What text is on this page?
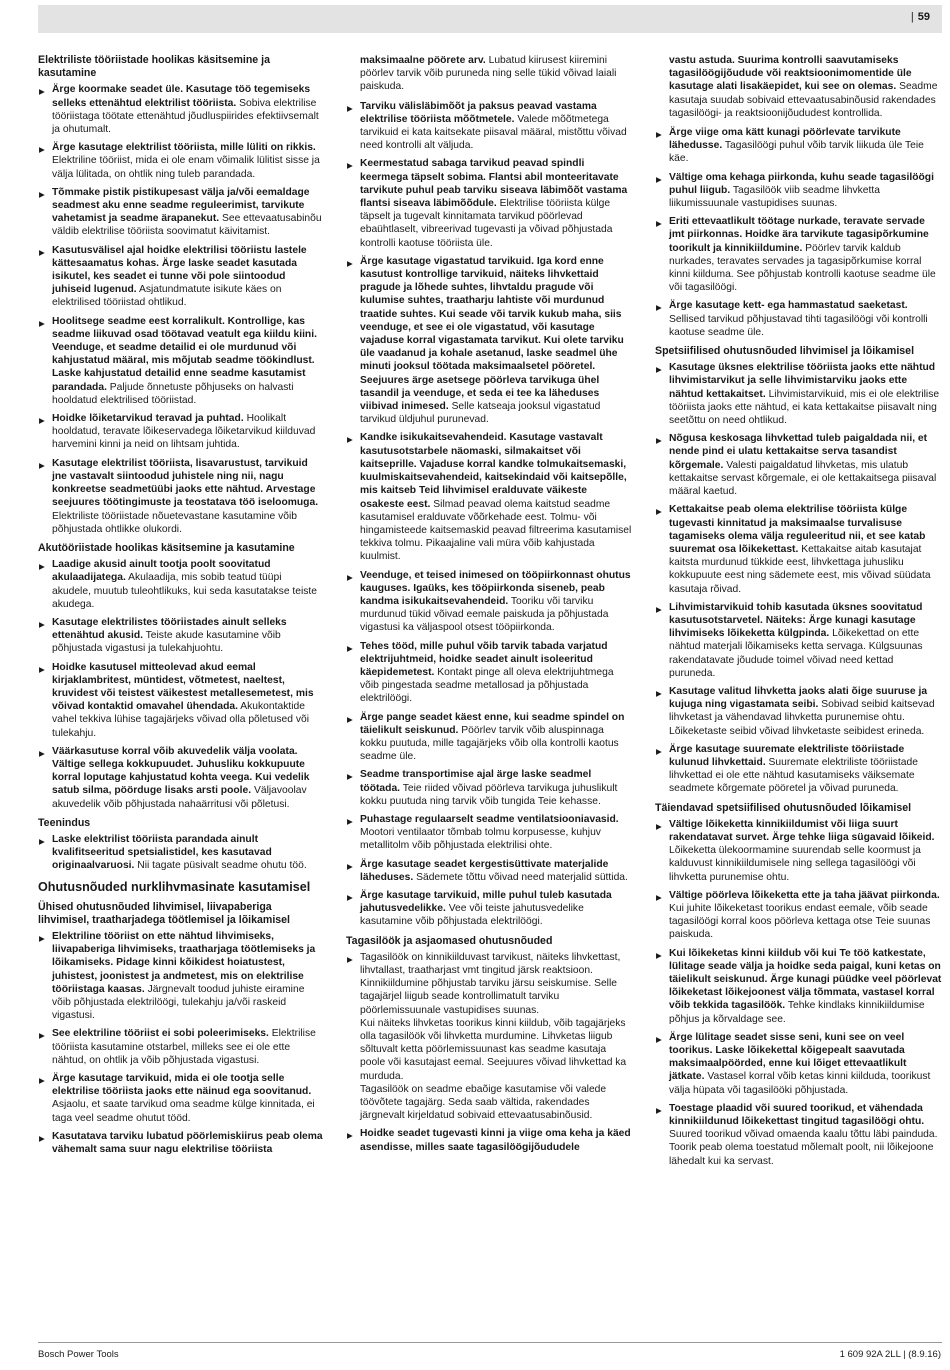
| 59
Elektriliste tööriistade hoolikas käsitsemine ja kasutamine
▶ Ärge koormake seadet üle. Kasutage töö tegemiseks selleks ettenähtud elektrilist tööriista. Sobiva elektrilise tööriistaga töötate ettenähtud jõudluspiirides efektiivsemalt ja ohutumalt.
▶ Ärge kasutage elektrilist tööriista, mille lüliti on rikkis. Elektriline tööriist, mida ei ole enam võimalik lülitist sisse ja välja lülitada, on ohtlik ning tuleb parandada.
▶ Tõmmake pistik pistikupesast välja ja/või eemaldage seadmest aku enne seadme reguleerimist, tarvikute vahetamist ja seadme ärapanekut. See ettevaatusabinõu väldib elektrilise tööriista soovimatut käivitamist.
▶ Kasutusvälisel ajal hoidke elektrilisi tööriistu lastele kättesaamatus kohas. Ärge laske seadet kasutada isikutel, kes seadet ei tunne või pole siintoodud juhiseid lugenud. Asjatundmatute isikute käes on elektrilised tööriistad ohtlikud.
▶ Hoolitsege seadme eest korralikult. Kontrollige, kas seadme liikuvad osad töötavad veatult ega kiildu kiini. Veenduge, et seadme detailid ei ole murdunud või kahjustatud määral, mis mõjutab seadme töökindlust. Laske kahjustatud detailid enne seadme kasutamist parandada. Paljude õnnetuste põhjuseks on halvasti hooldatud elektrilised tööriistad.
▶ Hoidke lõiketarvikud teravad ja puhtad. Hoolikalt hooldatud, teravate lõikeservadega lõiketarvikud kiilduvad harvemini kinni ja neid on lihtsam juhtida.
▶ Kasutage elektrilist tööriista, lisavarustust, tarvikuid jne vastavalt siintoodud juhistele ning nii, nagu konkreetse seadmetüübi jaoks ette nähtud. Arvestage seejuures töötingimuste ja teostatava töö iseloomuga. Elektriliste tööriistade nõuetevastane kasutamine võib põhjustada ohtlikke olukordi.
Akutööriistade hoolikas käsitsemine ja kasutamine
▶ Laadige akusid ainult tootja poolt soovitatud akulaadijatega. Akulaadija, mis sobib teatud tüüpi akudele, muutub tuleohtlikuks, kui seda kasutatakse teiste akudega.
▶ Kasutage elektrilistes tööriistades ainult selleks ettenähtud akusid. Teiste akude kasutamine võib põhjustada vigastusi ja tulekahjuohtu.
▶ Hoidke kasutusel mitteolevad akud eemal kirjaklambritest, müntidest, võtmetest, naeltest, kruvidest või teistest väikestest metallesemetest, mis võivad kontaktid omavahel ühendada. Akukontaktide vahel tekkiva lühise tagajärjeks võivad olla põletused või tulekahju.
▶ Väärkasutuse korral võib akuvedelik välja voolata. Vältige sellega kokkupuudet. Juhusliku kokkupuute korral loputage kahjustatud kohta veega. Kui vedelik satub silma, pöörduge lisaks arsti poole. Väljavoolav akuvedelik võib põhjustada nahaärritusi või põletusi.
Teenindus
▶ Laske elektrilist tööriista parandada ainult kvalifitseeritud spetsialistidel, kes kasutavad originaalvaruosi. Nii tagate püsivalt seadme ohutu töö.
Ohutusnõuded nurklihvmasinate kasutamisel
Ühised ohutusnõuded lihvimisel, liivapaberiga lihvimisel, traatharjadega töötlemisel ja lõikamisel
▶ Elektriline tööriist on ette nähtud lihvimiseks, liivapaberiga lihvimiseks, traatharjaga töötlemiseks ja lõikamiseks. Pidage kinni kõikidest hoiatustest, juhistest, joonistest ja andmetest, mis on elektrilise tööriistaga kaasas. Järgnevalt toodud juhiste eiramine võib põhjustada elektrilöögi, tulekahju ja/või raskeid vigastusi.
▶ See elektriline tööriist ei sobi poleerimiseks. Elektrilise tööriista kasutamine otstarbel, milleks see ei ole ette nähtud, on ohtlik ja võib põhjustada vigastusi.
▶ Ärge kasutage tarvikuid, mida ei ole tootja selle elektrilise tööriista jaoks ette näinud ega soovitanud. Asjaolu, et saate tarvikud oma seadme külge kinnitada, ei taga veel seadme ohutut tööd.
▶ Kasutatava tarviku lubatud pöörlemiskiirus peab olema vähemalt sama suur nagu elektrilise tööriista
maksimaalne pöörete arv. Lubatud kiirusest kiiremini pöörlev tarvik võib puruneda ning selle tükid võivad laiali paiskuda.
▶ Tarviku välisläbimõõt ja paksus peavad vastama elektrilise tööriista mõõtmetele. Valede mõõtmetega tarvikuid ei kata kaitsekate piisaval määral, mistõttu võivad need kontrolli alt väljuda.
▶ Keermestatud sabaga tarvikud peavad spindli keermega täpselt sobima. Flantsi abil monteeritavate tarvikute puhul peab tarviku siseava läbimõõt vastama flantsi siseava läbimõõdule. Elektrilise tööriista külge täpselt ja tugevalt kinnitamata tarvikud pöörlevad ebaühtlaselt, vibreerivad tugevasti ja võivad põhjustada kontrolli kaotuse tööriista üle.
▶ Ärge kasutage vigastatud tarvikuid. Iga kord enne kasutust kontrollige tarvikuid, näiteks lihvkettaid pragude ja lõhede suhtes, lihvtaldu pragude või kulumise suhtes, traatharju lahtiste või murdunud traatide suhtes. Kui seade või tarvik kukub maha, siis veenduge, et see ei ole vigastatud, või kasutage vajaduse korral vigastamata tarvikut. Kui olete tarviku üle vaadanud ja kohale asetanud, laske seadmel ühe minuti jooksul töötada maksimaalsetel pööretel. Seejuures ärge asetsege pöörleva tarvikuga ühel tasandil ja veenduge, et seda ei tee ka läheduses viibivad inimesed. Selle katseaja jooksul vigastatud tarvikud üldjuhul purunevad.
▶ Kandke isikukaitsevahendeid. Kasutage vastavalt kasutusotstarbele näomaski, silmakaitset või kaitseprille. Vajaduse korral kandke tolmukaitsemaski, kuulmiskaitsevahendeid, kaitsekindaid või kaitsepõlle, mis kaitseb Teid lihvimisel eralduvate väikeste osakeste eest. Silmad peavad olema kaitstud seadme kasutamisel eralduvate võõrkehade eest. Tolmu- või hingamisteede kaitsemaskid peavad filtreerima kasutamisel tekkiva tolmu. Pikaajaline vali müra võib kahjustada kuulmist.
▶ Veenduge, et teised inimesed on tööpiirkonnast ohutus kauguses. Igaüks, kes tööpiirkonda siseneb, peab kandma isikukaitsevahendeid. Tooriku või tarviku murdunud tükid võivad eemale paiskuda ja põhjustada vigastusi ka väljaspool otsest tööpiirkonda.
▶ Tehes tööd, mille puhul võib tarvik tabada varjatud elektrijuhtmeid, hoidke seadet ainult isoleeritud käepidemetest. Kontakt pinge all oleva elektrijuhtmega võib pingestada seadme metallosad ja põhjustada elektrilöögi.
▶ Ärge pange seadet käest enne, kui seadme spindel on täielikult seiskunud. Pöörlev tarvik võib aluspinnaga kokku puutuda, mille tagajärjeks võib olla kontrolli kaotus seadme üle.
▶ Seadme transportimise ajal ärge laske seadmel töötada. Teie riided võivad pöörleva tarvikuga juhuslikult kokku puutuda ning tarvik võib tungida Teie kehasse.
▶ Puhastage regulaarselt seadme ventilatsiooniavasid. Mootori ventilaator tõmbab tolmu korpusesse, kuhjuv metallitolm võib põhjustada elektrilisi ohte.
▶ Ärge kasutage seadet kergestisüttivate materjalide läheduses. Sädemete tõttu võivad need materjalid süttida.
▶ Ärge kasutage tarvikuid, mille puhul tuleb kasutada jahutusvedelikke. Vee või teiste jahutusvedelike kasutamine võib põhjustada elektrilöögi.
Tagasilöök ja asjaomased ohutusnõuded
▶ Tagasilöök on kinnikiilduvast tarvikust, näiteks lihvkettast, lihvtallast, traatharjast vmt tingitud järsk reaktsioon. Kinnikiildumine põhjustab tarviku järsu seiskumise. Selle tagajärjel liigub seade kontrollimatult tarviku pöörlemissuunale vastupidises suunas.
Kui näiteks lihvketas toorikus kinni kiildub, võib tagajärjeks olla tagasilöök või lihvketta murdumine. Lihvketas liigub sõltuvalt ketta pöörlemissuunast kas seadme kasutaja poole või kasutajast eemal. Seejuures võivad lihvkettad ka murduda.
Tagasilöök on seadme ebaõige kasutamise või valede töövõtete tagajärg. Seda saab vältida, rakendades järgnevalt kirjeldatud sobivaid ettevaatusabinõusid.
▶ Hoidke seadet tugevasti kinni ja viige oma keha ja käed asendisse, milles saate tagasilöögijõududele
vastu astuda. Suurima kontrolli saavutamiseks tagasilöögijõudude või reaktsioonimomentide üle kasutage alati lisakäepidet, kui see on olemas. Seadme kasutaja suudab sobivaid ettevaatusabinõusid rakendades tagasilöögi- ja reaktsioonijõududest kontrollida.
▶ Ärge viige oma kätt kunagi pöörlevate tarvikute lähedusse. Tagasilöögi puhul võib tarvik liikuda üle Teie käe.
▶ Vältige oma kehaga piirkonda, kuhu seade tagasilöögi puhul liigub. Tagasilöök viib seadme lihvketta liikumissuunale vastupidises suunas.
▶ Eriti ettevaatlikult töötage nurkade, teravate servade jmt piirkonnas. Hoidke ära tarvikute tagasipõrkumine toorikult ja kinnikiildumine. Pöörlev tarvik kaldub nurkades, teravates servades ja tagasipõrkumise korral kinni kiilduma. See põhjustab kontrolli kaotuse seadme üle või tagasilöögi.
▶ Ärge kasutage kett- ega hammastatud saeketast. Sellised tarvikud põhjustavad tihti tagasilöögi või kontrolli kaotuse seadme üle.
Spetsiifilised ohutusnõuded lihvimisel ja lõikamisel
▶ Kasutage üksnes elektrilise tööriista jaoks ette nähtud lihvimistarvikut ja selle lihvimistarviku jaoks ette nähtud kettakaitset. Lihvimistarvikuid, mis ei ole elektrilise tööriista jaoks ette nähtud, ei kata kettakaitse piisavalt ning seetõttu on need ohtlikud.
▶ Nõgusa keskosaga lihvkettad tuleb paigaldada nii, et nende pind ei ulatu kettakaitse serva tasandist kõrgemale. Valesti paigaldatud lihvketas, mis ulatub kettakaitse servast kõrgemale, ei ole kettakaitsega piisaval määral kaetud.
▶ Kettakaitse peab olema elektrilise tööriista külge tugevasti kinnitatud ja maksimaalse turvalisuse tagamiseks olema välja reguleeritud nii, et see katab suuremat osa lõikekettast. Kettakaitse aitab kasutajat kaitsta murdunud tükkide eest, lihvkettaga juhusliku kokkupuute eest ning sädemete eest, mis võivad süüdata kasutaja rõivad.
▶ Lihvimistarvikuid tohib kasutada üksnes soovitatud kasutusotstarvetel. Näiteks: Ärge kunagi kasutage lihvimiseks lõikeketta külgpinda. Lõikekettad on ette nähtud materjali lõikamiseks ketta servaga. Külgsuunas rakendatavate jõudude toimel võivad need kettad puruneda.
▶ Kasutage valitud lihvketta jaoks alati õige suuruse ja kujuga ning vigastamata seibi. Sobivad seibid kaitsevad lihvketast ja vähendavad lihvketta purunemise ohtu. Lõikeketaste seibid võivad lihvketaste seibidest erineda.
▶ Ärge kasutage suuremate elektriliste tööriistade kulunud lihvkettaid. Suuremate elektriliste tööriistade lihvkettad ei ole ette nähtud kasutamiseks väiksemate seadmete kõrgemate pööretel ja võivad puruneda.
Täiendavad spetsiifilised ohutusnõuded lõikamisel
▶ Vältige lõikeketta kinnikiildumist või liiga suurt rakendatavat survet. Ärge tehke liiga sügavaid lõikeid. Lõikeketta ülekoormamine suurendab selle koormust ja kalduvust kinnikiildumisele ning sellega tagasilöögi või lihvketta purunemise ohtu.
▶ Vältige pöörleva lõikeketta ette ja taha jäävat piirkonda. Kui juhite lõikeketast toorikus endast eemale, võib seade tagasilöögi korral koos pöörleva kettaga otse Teie suunas paiskuda.
▶ Kui lõikeketas kinni kiildub või kui Te töö katkestate, lülitage seade välja ja hoidke seda paigal, kuni ketas on täielikult seiskunud. Ärge kunagi püüdke veel pöörlevat lõikeketast lõikejoonest välja tõmmata, vastasel korral võib tekkida tagasilöök. Tehke kindlaks kinnikiildumise põhjus ja kõrvaldage see.
▶ Ärge lülitage seadet sisse seni, kuni see on veel toorikus. Laske lõikekettal kõigepealt saavutada maksimaalpöörded, enne kui lõiget ettevaatlikult jätkate. Vastasel korral võib ketas kinni kiilduda, toorikust välja hüpata või tagasilööki põhjustada.
▶ Toestage plaadid või suured toorikud, et vähendada kinnikiildunud lõikekettast tingitud tagasilöögi ohtu. Suured toorikud võivad omaenda kaalu tõttu läbi painduda. Toorik peab olema toestatud mõlemalt poolt, nii lõikejoone lähedalt kui ka servast.
Bosch Power Tools	1 609 92A 2LL | (8.9.16)
